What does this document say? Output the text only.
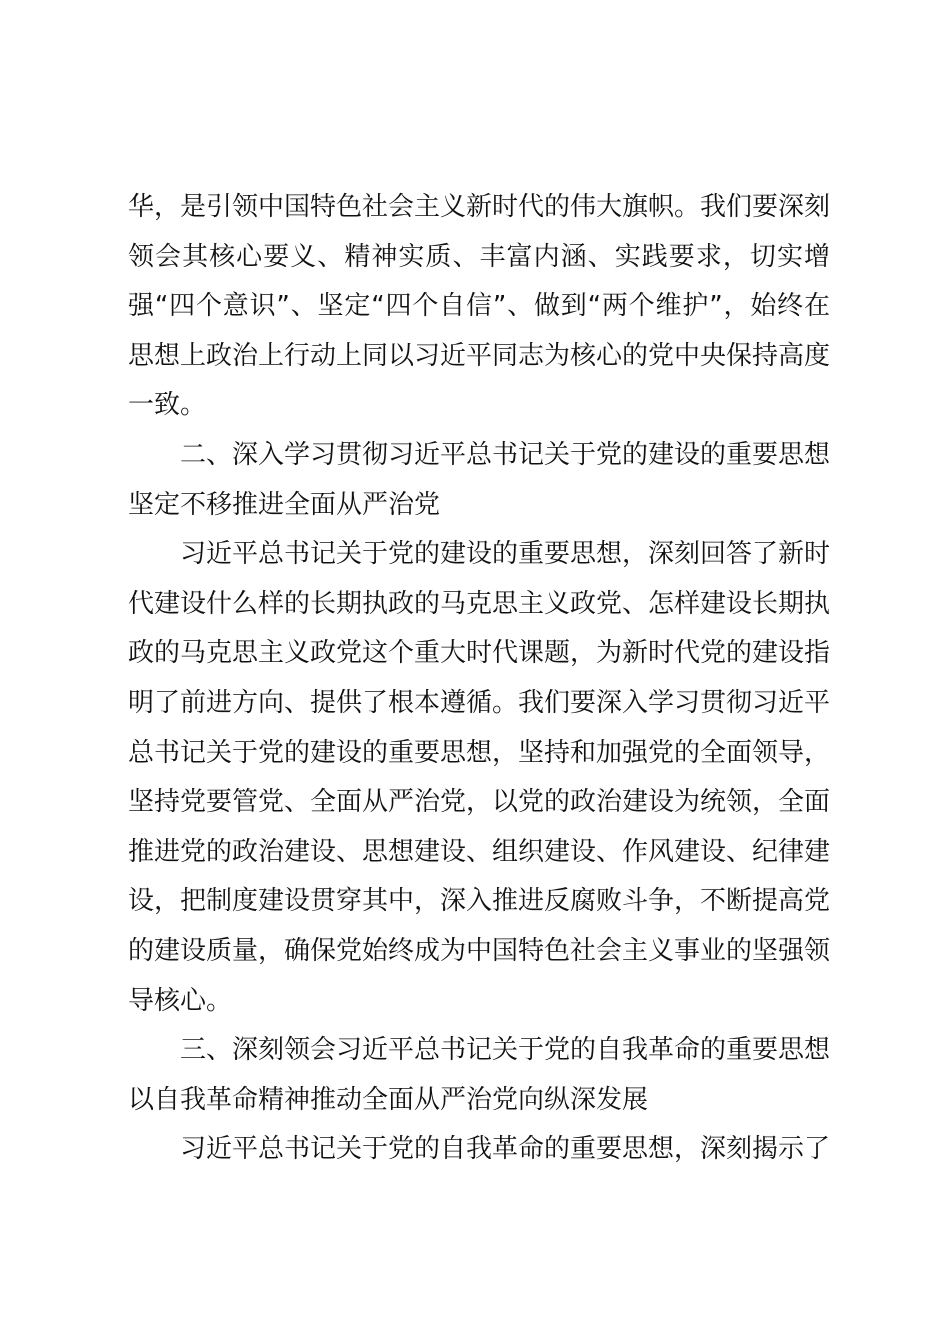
华，是引领中国特色社会主义新时代的伟大旗帜。我们要深刻领会其核心要义、精神实质、丰富内涵、实践要求，切实增强“四个意识”、坚定“四个自信”、做到“两个维护”，始终在思想上政治上行动上同以习近平同志为核心的党中央保持高度一致。

二、深入学习贯彻习近平总书记关于党的建设的重要思想坚定不移推进全面从严治党

习近平总书记关于党的建设的重要思想，深刻回答了新时代建设什么样的长期执政的马克思主义政党、怎样建设长期执政的马克思主义政党这个重大时代课题，为新时代党的建设指明了前进方向、提供了根本遵循。我们要深入学习贯彻习近平总书记关于党的建设的重要思想，坚持和加强党的全面领导，坚持党要管党、全面从严治党，以党的政治建设为统领，全面推进党的政治建设、思想建设、组织建设、作风建设、纪律建设，把制度建设贯穿其中，深入推进反腐败斗争，不断提高党的建设质量，确保党始终成为中国特色社会主义事业的坚强领导核心。

三、深刻领会习近平总书记关于党的自我革命的重要思想以自我革命精神推动全面从严治党向纵深发展

习近平总书记关于党的自我革命的重要思想，深刻揭示了
